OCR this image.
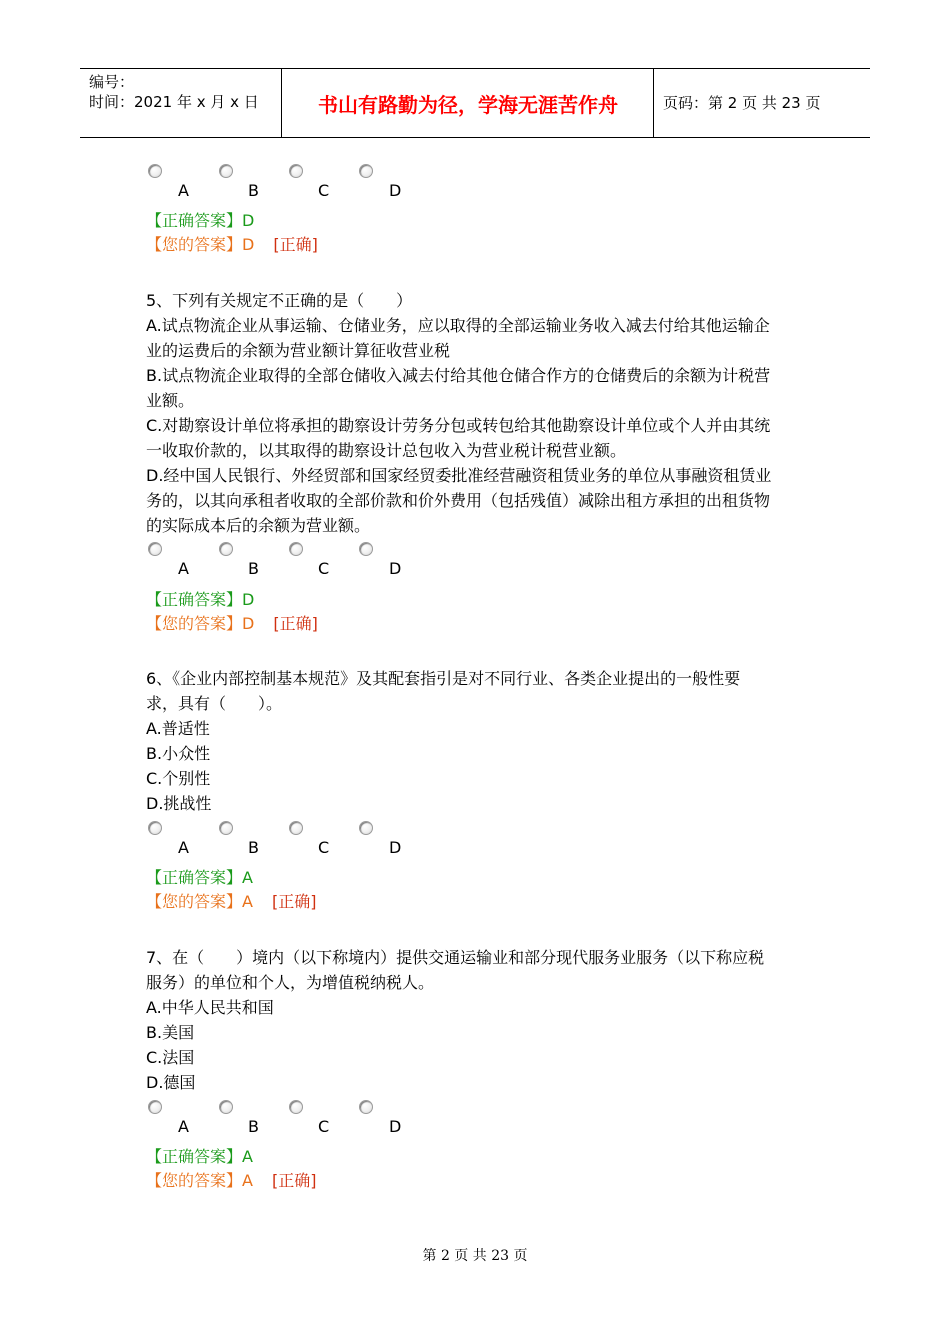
编号：
时间：2021 年 x 月 x 日	书山有路勤为径，学海无涯苦作舟	页码：第 2 页 共 23 页
A	B	C	D
【正确答案】D
【您的答案】D [正确]
5、下列有关规定不正确的是（　　）
A.试点物流企业从事运输、仓储业务，应以取得的全部运输业务收入减去付给其他运输企
业的运费后的余额为营业额计算征收营业税
B.试点物流企业取得的全部仓储收入减去付给其他仓储合作方的仓储费后的余额为计税营
业额。
C.对勘察设计单位将承担的勘察设计劳务分包或转包给其他勘察设计单位或个人并由其统
一收取价款的，以其取得的勘察设计总包收入为营业税计税营业额。
D.经中国人民银行、外经贸部和国家经贸委批准经营融资租赁业务的单位从事融资租赁业
务的，以其向承租者收取的全部价款和价外费用（包括残值）减除出租方承担的出租货物
的实际成本后的余额为营业额。
A	B	C	D
【正确答案】D
【您的答案】D [正确]
6、《企业内部控制基本规范》及其配套指引是对不同行业、各类企业提出的一般性要
求，具有（　　）。
A.普适性
B.小众性
C.个别性
D.挑战性
A	B	C	D
【正确答案】A
【您的答案】A [正确]
7、在（　　）境内（以下称境内）提供交通运输业和部分现代服务业服务（以下称应税
服务）的单位和个人，为增值税纳税人。
A.中华人民共和国
B.美国
C.法国
D.德国
A	B	C	D
【正确答案】A
【您的答案】A [正确]
第 2 页 共 23 页
